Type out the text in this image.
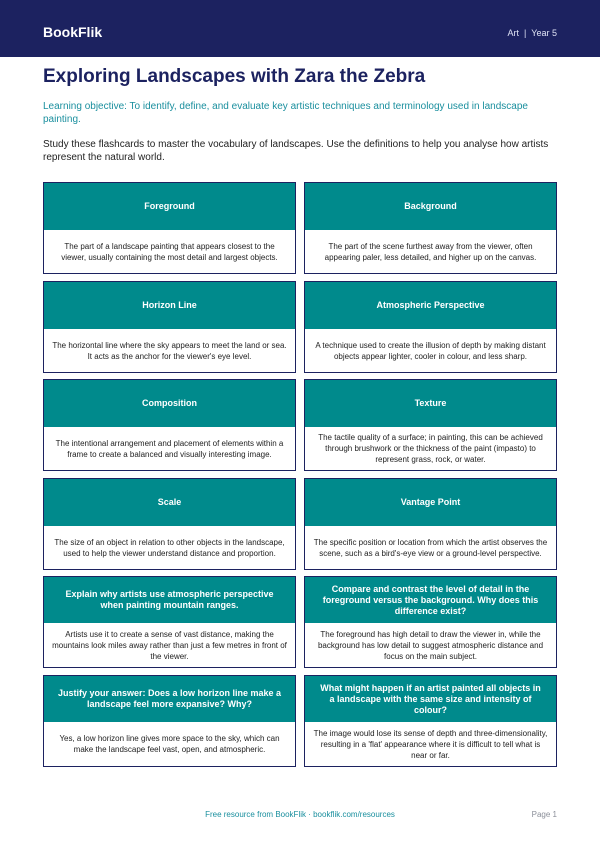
BookFlik	Art | Year 5
Exploring Landscapes with Zara the Zebra

Learning objective: To identify, define, and evaluate key artistic techniques and terminology used in landscape painting.

Study these flashcards to master the vocabulary of landscapes. Use the definitions to help you analyse how artists represent the natural world.

Foreground
The part of a landscape painting that appears closest to the viewer, usually containing the most detail and largest objects.
Background
The part of the scene furthest away from the viewer, often appearing paler, less detailed, and higher up on the canvas.
Horizon Line
The horizontal line where the sky appears to meet the land or sea. It acts as the anchor for the viewer's eye level.
Atmospheric Perspective
A technique used to create the illusion of depth by making distant objects appear lighter, cooler in colour, and less sharp.
Composition
The intentional arrangement and placement of elements within a frame to create a balanced and visually interesting image.
Texture
The tactile quality of a surface; in painting, this can be achieved through brushwork or the thickness of the paint (impasto) to represent grass, rock, or water.
Scale
The size of an object in relation to other objects in the landscape, used to help the viewer understand distance and proportion.
Vantage Point
The specific position or location from which the artist observes the scene, such as a bird's-eye view or a ground-level perspective.
Explain why artists use atmospheric perspective when painting mountain ranges.
Artists use it to create a sense of vast distance, making the mountains look miles away rather than just a few metres in front of the viewer.
Compare and contrast the level of detail in the foreground versus the background. Why does this difference exist?
The foreground has high detail to draw the viewer in, while the background has low detail to suggest atmospheric distance and focus on the main subject.
Justify your answer: Does a low horizon line make a landscape feel more expansive? Why?
Yes, a low horizon line gives more space to the sky, which can make the landscape feel vast, open, and atmospheric.
What might happen if an artist painted all objects in a landscape with the same size and intensity of colour?
The image would lose its sense of depth and three-dimensionality, resulting in a 'flat' appearance where it is difficult to tell what is near or far.
Free resource from BookFlik · bookflik.com/resources	Page 1
